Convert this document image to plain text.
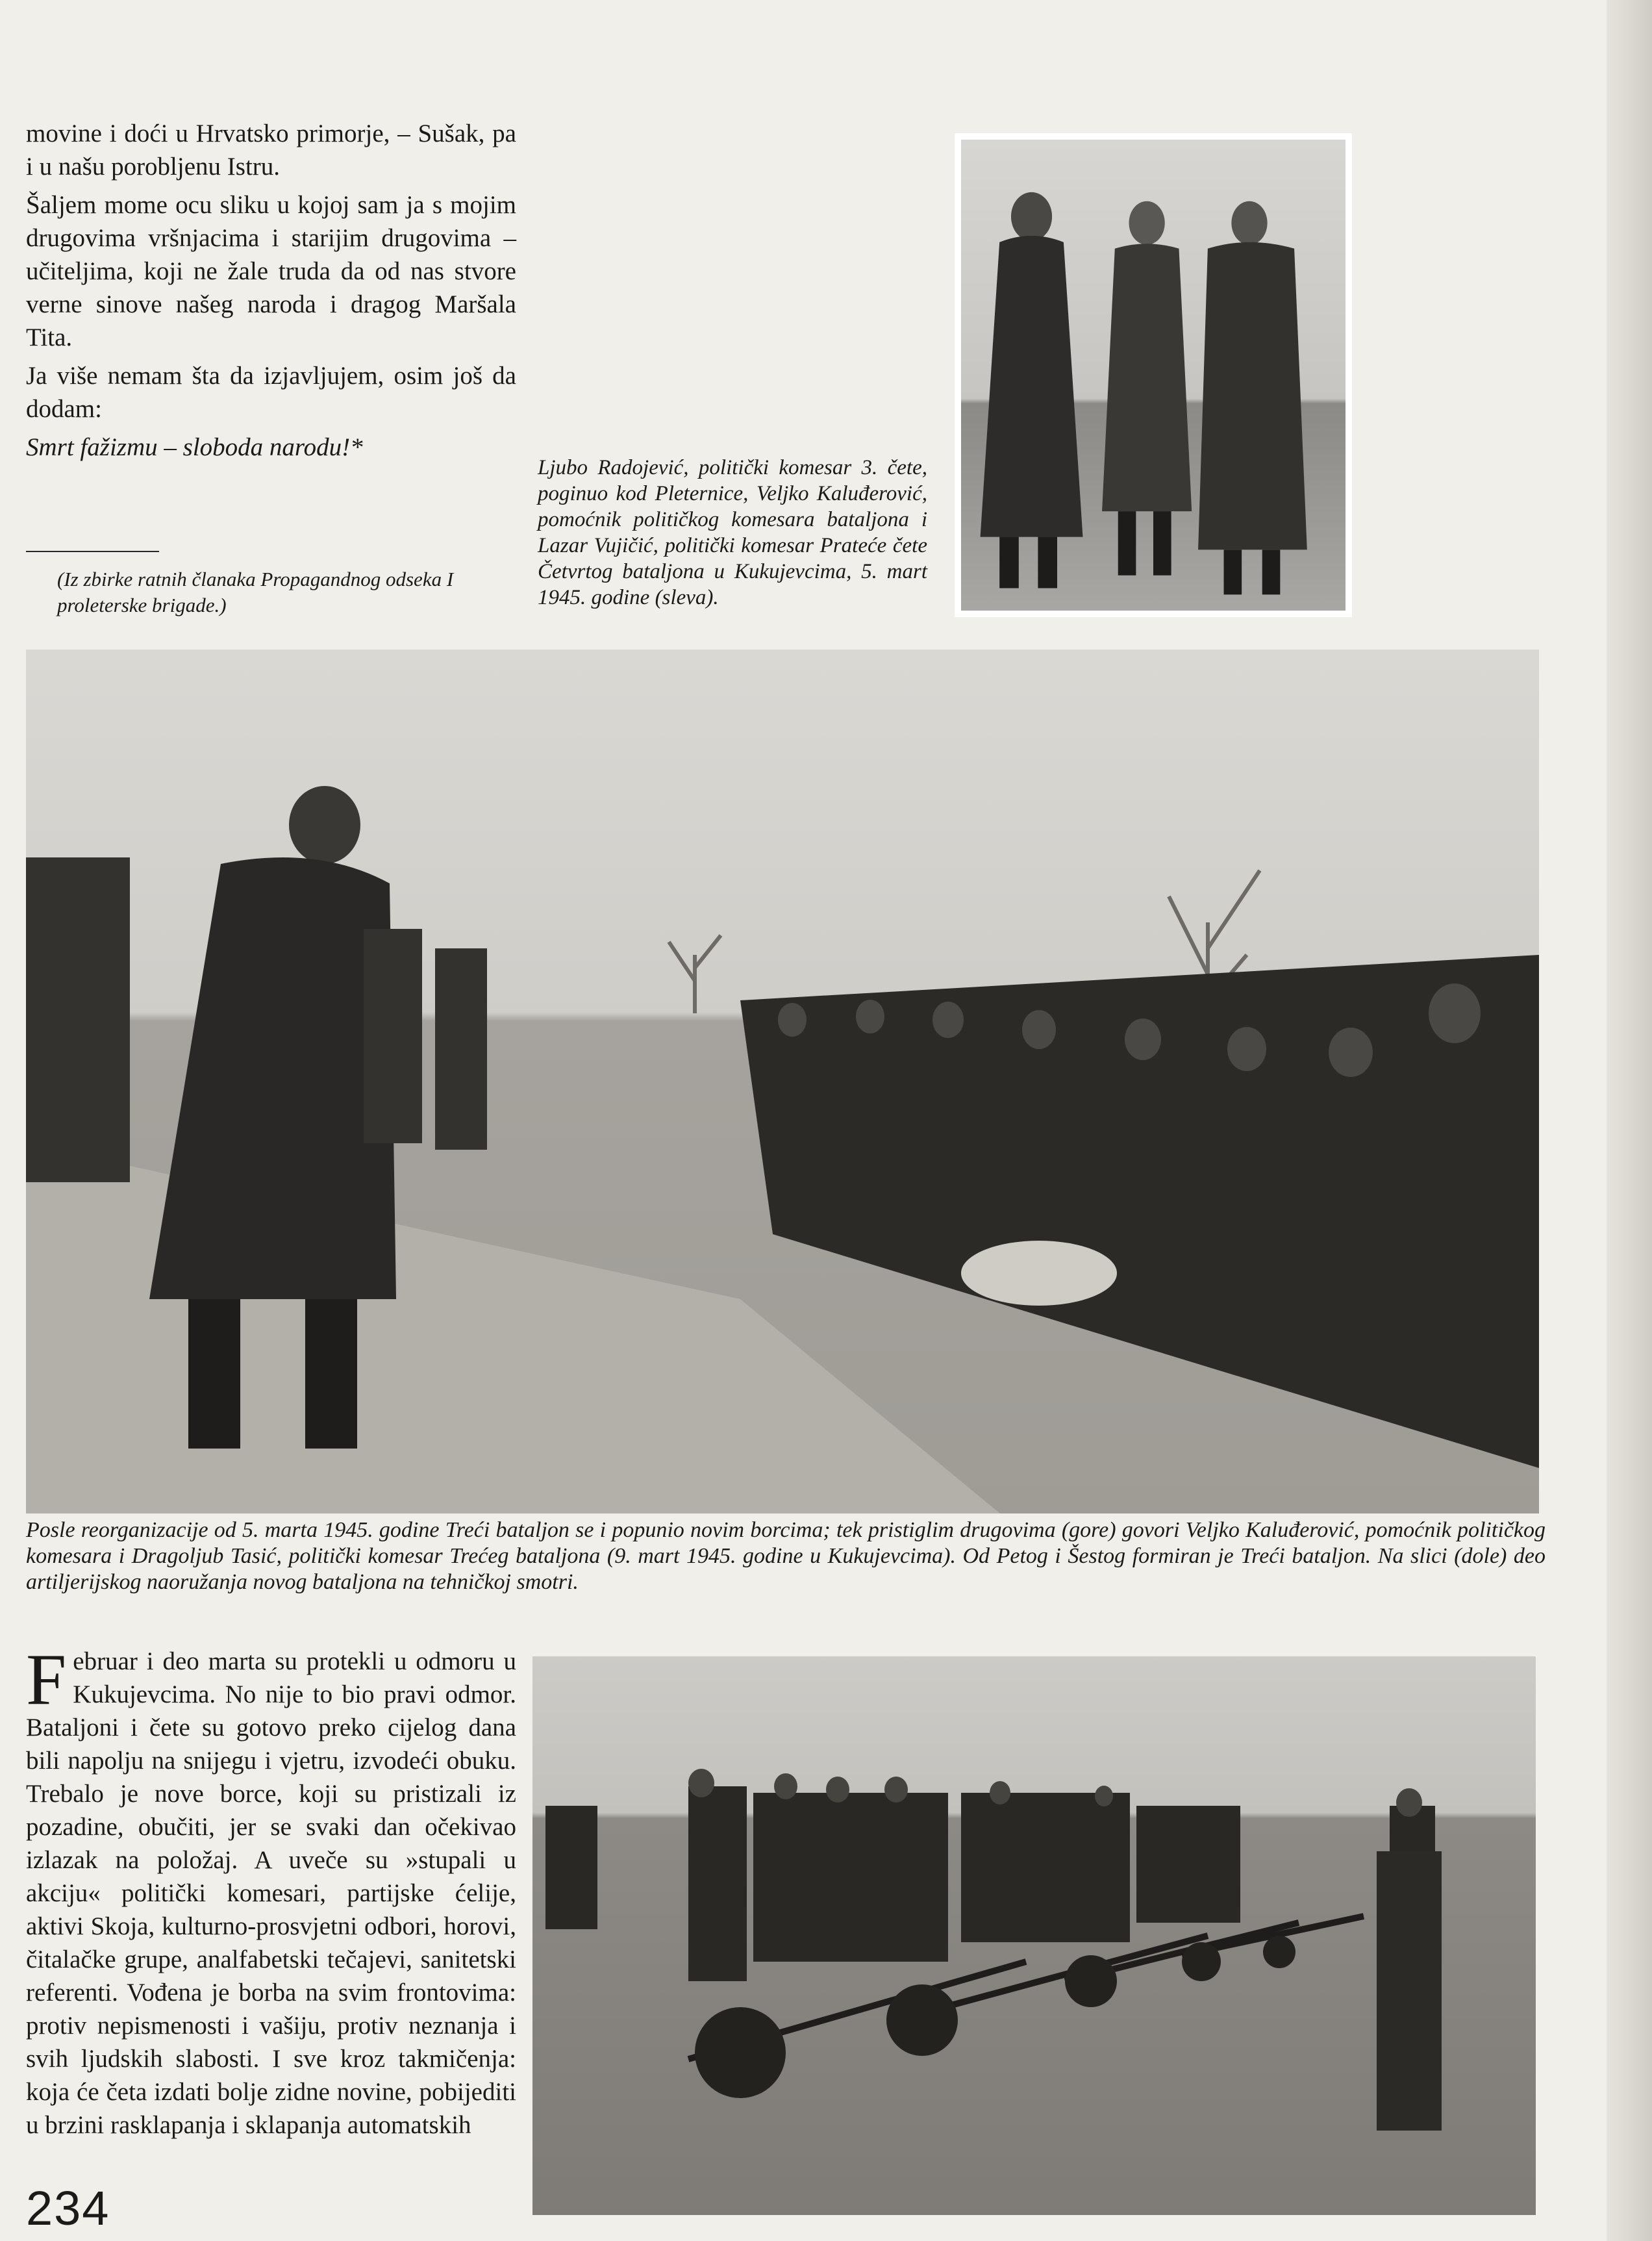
movine i doći u Hrvatsko primorje, – Sušak, pa i u našu porobljenu Istru.

Šaljem mome ocu sliku u kojoj sam ja s mojim drugovima vršnjacima i starijim drugovima – učiteljima, koji ne žale truda da od nas stvore verne sinove našeg naroda i dragog Maršala Tita.

Ja više nemam šta da izjavljujem, osim još da dodam:

Smrt fažizmu – sloboda narodu!*

(Iz zbirke ratnih članaka Propagandnog odseka I proleterske brigade.)
Ljubo Radojević, politički komesar 3. čete, poginuo kod Pleternice, Veljko Kaluđerović, pomoćnik političkog komesara bataljona i Lazar Vujičić, politički komesar Prateće čete Četvrtog bataljona u Kukujevcima, 5. mart 1945. godine (sleva).
Posle reorganizacije od 5. marta 1945. godine Treći bataljon se i popunio novim borcima; tek pristiglim drugovima (gore) govori Veljko Kaluđerović, pomoćnik političkog komesara i Dragoljub Tasić, politički komesar Trećeg bataljona (9. mart 1945. godine u Kukujevcima). Od Petog i Šestog formiran je Treći bataljon. Na slici (dole) deo artiljerijskog naoružanja novog bataljona na tehničkoj smotri.
F ebruar i deo marta su protekli u odmoru u Kukujevcima. No nije to bio pravi odmor. Bataljoni i čete su gotovo preko cijelog dana bili napolju na snijegu i vjetru, izvodeći obuku. Trebalo je nove borce, koji su pristizali iz pozadine, obučiti, jer se svaki dan očekivao izlazak na položaj. A uveče su »stupali u akciju« politički komesari, partijske ćelije, aktivi Skoja, kulturno-prosvjetni odbori, horovi, čitalačke grupe, analfabetski tečajevi, sanitetski referenti. Vođena je borba na svim frontovima: protiv nepismenosti i vašiju, protiv neznanja i svih ljudskih slabosti. I sve kroz takmičenja: koja će četa izdati bolje zidne novine, pobijediti u brzini rasklapanja i sklapanja automatskih
234
